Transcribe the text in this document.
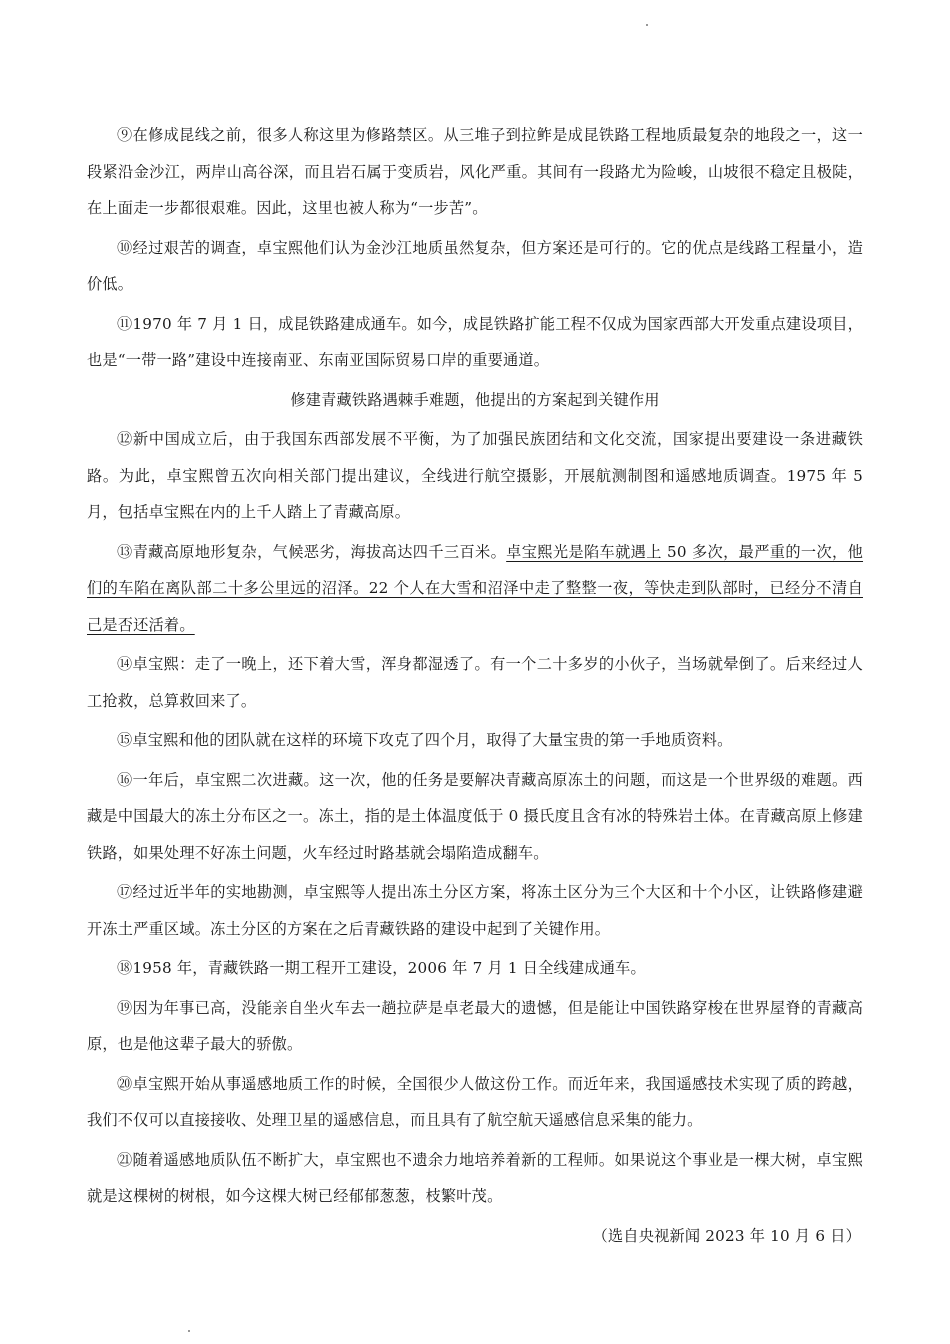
⑨在修成昆线之前，很多人称这里为修路禁区。从三堆子到拉鲊是成昆铁路工程地质最复杂的地段之一，这一段紧沿金沙江，两岸山高谷深，而且岩石属于变质岩，风化严重。其间有一段路尤为险峻，山坡很不稳定且极陡，在上面走一步都很艰难。因此，这里也被人称为“一步苦”。

⑩经过艰苦的调查，卓宝熙他们认为金沙江地质虽然复杂，但方案还是可行的。它的优点是线路工程量小，造价低。

⑪1970 年 7 月 1 日，成昆铁路建成通车。如今，成昆铁路扩能工程不仅成为国家西部大开发重点建设项目，也是“一带一路”建设中连接南亚、东南亚国际贸易口岸的重要通道。

修建青藏铁路遇棘手难题，他提出的方案起到关键作用

⑫新中国成立后，由于我国东西部发展不平衡，为了加强民族团结和文化交流，国家提出要建设一条进藏铁路。为此，卓宝熙曾五次向相关部门提出建议，全线进行航空摄影，开展航测制图和遥感地质调查。1975 年 5 月，包括卓宝熙在内的上千人踏上了青藏高原。

⑬青藏高原地形复杂，气候恶劣，海拔高达四千三百米。卓宝熙光是陷车就遇上 50 多次，最严重的一次，他们的车陷在离队部二十多公里远的沼泽。22 个人在大雪和沼泽中走了整整一夜，等快走到队部时，已经分不清自己是否还活着。

⑭卓宝熙：走了一晚上，还下着大雪，浑身都湿透了。有一个二十多岁的小伙子，当场就晕倒了。后来经过人工抢救，总算救回来了。

⑮卓宝熙和他的团队就在这样的环境下攻克了四个月，取得了大量宝贵的第一手地质资料。

⑯一年后，卓宝熙二次进藏。这一次，他的任务是要解决青藏高原冻土的问题，而这是一个世界级的难题。西藏是中国最大的冻土分布区之一。冻土，指的是土体温度低于 0 摄氏度且含有冰的特殊岩土体。在青藏高原上修建铁路，如果处理不好冻土问题，火车经过时路基就会塌陷造成翻车。

⑰经过近半年的实地勘测，卓宝熙等人提出冻土分区方案，将冻土区分为三个大区和十个小区，让铁路修建避开冻土严重区域。冻土分区的方案在之后青藏铁路的建设中起到了关键作用。

⑱1958 年，青藏铁路一期工程开工建设，2006 年 7 月 1 日全线建成通车。

⑲因为年事已高，没能亲自坐火车去一趟拉萨是卓老最大的遗憾，但是能让中国铁路穿梭在世界屋脊的青藏高原，也是他这辈子最大的骄傲。

⑳卓宝熙开始从事遥感地质工作的时候，全国很少人做这份工作。而近年来，我国遥感技术实现了质的跨越，我们不仅可以直接接收、处理卫星的遥感信息，而且具有了航空航天遥感信息采集的能力。

㉑随着遥感地质队伍不断扩大，卓宝熙也不遗余力地培养着新的工程师。如果说这个事业是一棵大树，卓宝熙就是这棵树的树根，如今这棵大树已经郁郁葱葱，枝繁叶茂。

（选自央视新闻 2023 年 10 月 6 日）
